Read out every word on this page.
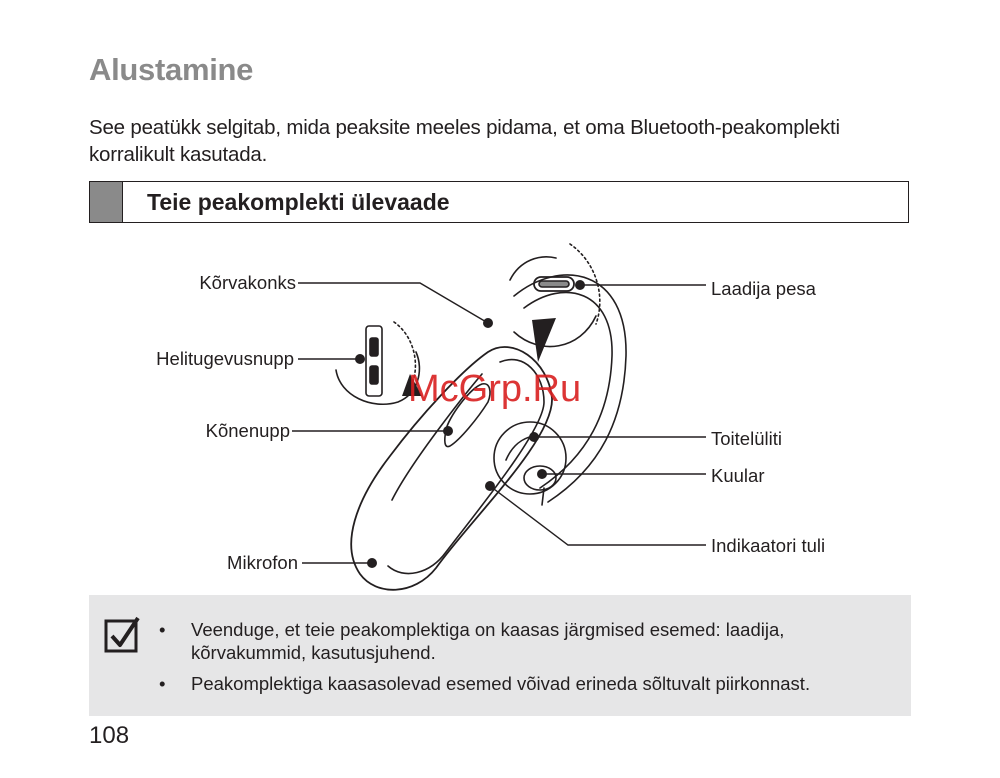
Alustamine

See peatükk selgitab, mida peaksite meeles pidama, et oma Bluetooth-peakomplekti korralikult kasutada.

Teie peakomplekti ülevaade
Kõrvakonks
Helitugevusnupp
Kõnenupp
Mikrofon
Laadija pesa
Toitelüliti
Kuular
Indikaatori tuli
McGrp.Ru
• Veenduge, et teie peakomplektiga on kaasas järgmised esemed: laadija, kõrvakummid, kasutusjuhend.
• Peakomplektiga kaasasolevad esemed võivad erineda sõltuvalt piirkonnast.
108
